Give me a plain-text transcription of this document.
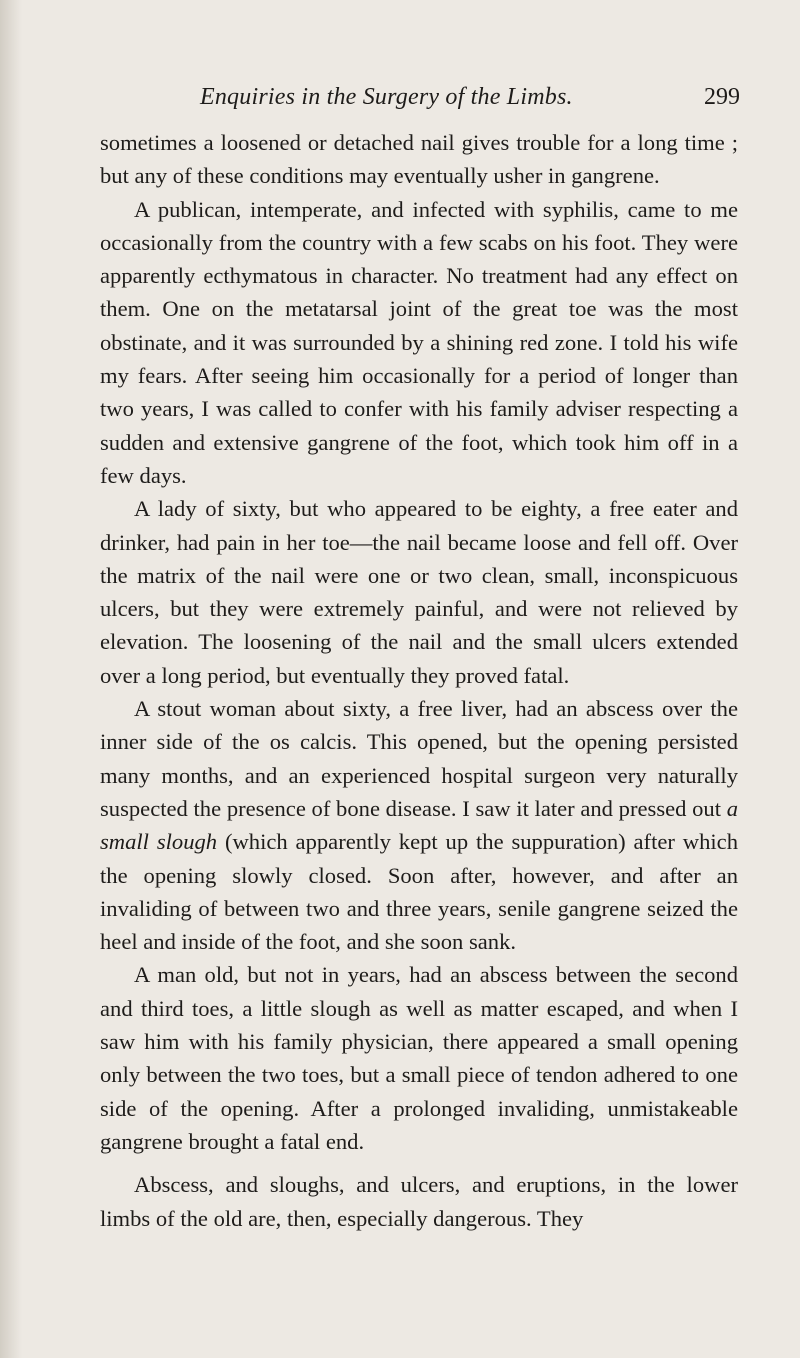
Enquiries in the Surgery of the Limbs.	299

sometimes a loosened or detached nail gives trouble for a long time ; but any of these conditions may eventually usher in gangrene.

A publican, intemperate, and infected with syphilis, came to me occasionally from the country with a few scabs on his foot. They were apparently ecthymatous in character. No treatment had any effect on them. One on the metatarsal joint of the great toe was the most obstinate, and it was surrounded by a shining red zone. I told his wife my fears. After seeing him occasionally for a period of longer than two years, I was called to confer with his family adviser respecting a sudden and extensive gangrene of the foot, which took him off in a few days.

A lady of sixty, but who appeared to be eighty, a free eater and drinker, had pain in her toe—the nail became loose and fell off. Over the matrix of the nail were one or two clean, small, inconspicuous ulcers, but they were extremely painful, and were not relieved by elevation. The loosening of the nail and the small ulcers extended over a long period, but eventually they proved fatal.

A stout woman about sixty, a free liver, had an abscess over the inner side of the os calcis. This opened, but the opening persisted many months, and an experienced hospital surgeon very naturally suspected the presence of bone disease. I saw it later and pressed out a small slough (which apparently kept up the suppuration) after which the opening slowly closed. Soon after, however, and after an invaliding of between two and three years, senile gangrene seized the heel and inside of the foot, and she soon sank.

A man old, but not in years, had an abscess between the second and third toes, a little slough as well as matter escaped, and when I saw him with his family physician, there appeared a small opening only between the two toes, but a small piece of tendon adhered to one side of the opening. After a prolonged invaliding, unmistakeable gangrene brought a fatal end.

Abscess, and sloughs, and ulcers, and eruptions, in the lower limbs of the old are, then, especially dangerous. They
